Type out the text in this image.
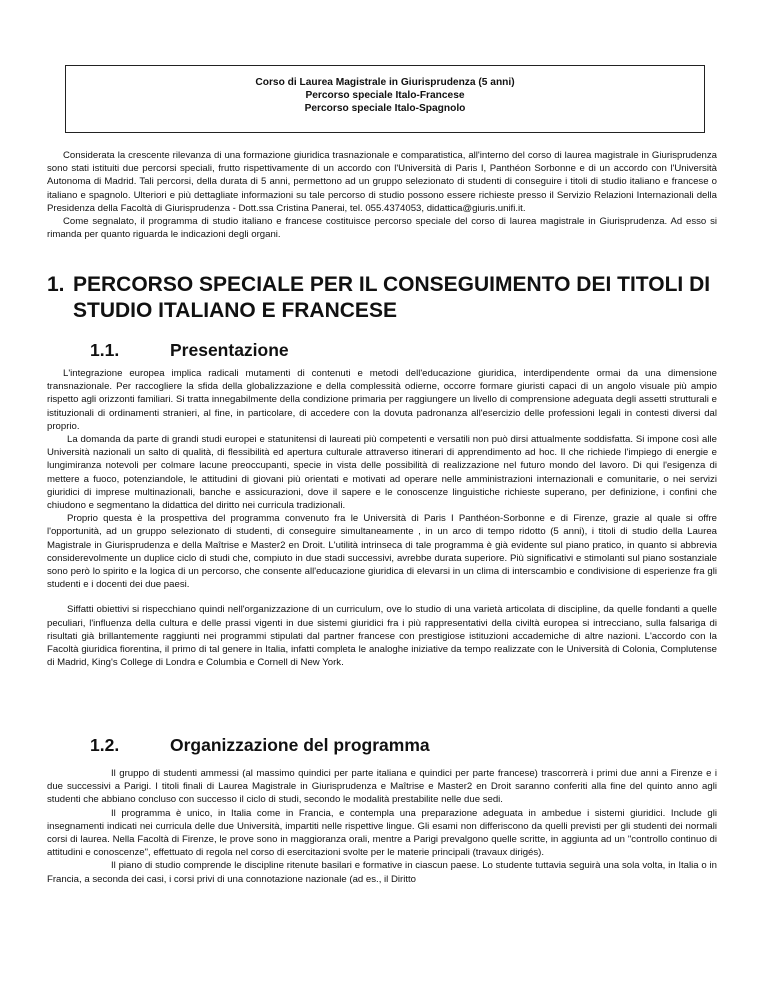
Corso di Laurea Magistrale in Giurisprudenza (5 anni)
Percorso speciale Italo-Francese
Percorso speciale Italo-Spagnolo

Considerata la crescente rilevanza di una formazione giuridica trasnazionale e comparatistica, all'interno del corso di laurea magistrale in Giurisprudenza sono stati istituiti due percorsi speciali, frutto rispettivamente di un accordo con l'Università di Paris I, Panthéon Sorbonne e di un accordo con l'Università Autonoma di Madrid. Tali percorsi, della durata di 5 anni, permettono ad un gruppo selezionato di studenti di conseguire i titoli di studio italiano e francese o italiano e spagnolo. Ulteriori e più dettagliate informazioni su tale percorso di studio possono essere richieste presso il Servizio Relazioni Internazionali della Presidenza della Facoltà di Giurisprudenza - Dott.ssa Cristina Panerai, tel. 055.4374053, didattica@giuris.unifi.it.

Come segnalato, il programma di studio italiano e francese costituisce percorso speciale del corso di laurea magistrale in Giurisprudenza. Ad esso si rimanda per quanto riguarda le indicazioni degli organi.

1. PERCORSO SPECIALE PER IL CONSEGUIMENTO DEI TITOLI DI
STUDIO ITALIANO E FRANCESE
1.1.	Presentazione

L'integrazione europea implica radicali mutamenti di contenuti e metodi dell'educazione giuridica, interdipendente ormai da una dimensione transnazionale. Per raccogliere la sfida della globalizzazione e della complessità odierne, occorre formare giuristi capaci di un angolo visuale più ampio rispetto agli orizzonti familiari. Si tratta innegabilmente della condizione primaria per raggiungere un livello di comprensione adeguata degli assetti strutturali e istituzionali di ordinamenti stranieri, al fine, in particolare, di accedere con la dovuta padronanza all'esercizio delle professioni legali in contesti diversi dal proprio.

La domanda da parte di grandi studi europei e statunitensi di laureati più competenti e versatili non può dirsi attualmente soddisfatta. Si impone così alle Università nazionali un salto di qualità, di flessibilità ed apertura culturale attraverso itinerari di apprendimento ad hoc. Il che richiede l'impiego di energie e lungimiranza notevoli per colmare lacune preoccupanti, specie in vista delle possibilità di realizzazione nel futuro mondo del lavoro. Di qui l'esigenza di mettere a fuoco, potenziandole, le attitudini di giovani più orientati e motivati ad operare nelle amministrazioni internazionali e comunitarie, o nei servizi giuridici di imprese multinazionali, banche e assicurazioni, dove il sapere e le conoscenze linguistiche richieste superano, per definizione, i confini che chiudono e segmentano la didattica del diritto nei curricula tradizionali.

Proprio questa è la prospettiva del programma convenuto fra le Università di Paris I Panthéon-Sorbonne e di Firenze, grazie al quale si offre l'opportunità, ad un gruppo selezionato di studenti, di conseguire simultaneamente , in un arco di tempo ridotto (5 anni), i titoli di studio della Laurea Magistrale in Giurisprudenza e della Maîtrise e Master2 en Droit. L'utilità intrinseca di tale programma è già evidente sul piano pratico, in quanto si abbrevia considerevolmente un duplice ciclo di studi che, compiuto in due stadi successivi, avrebbe durata superiore. Più significativi e stimolanti sul piano sostanziale sono però lo spirito e la logica di un percorso, che consente all'educazione giuridica di elevarsi in un clima di interscambio e condivisione di esperienze fra gli studenti e i docenti dei due paesi.

Siffatti obiettivi si rispecchiano quindi nell'organizzazione di un curriculum, ove lo studio di una varietà articolata di discipline, da quelle fondanti a quelle peculiari, l'influenza della cultura e delle prassi vigenti in due sistemi giuridici fra i più rappresentativi della civiltà europea si intrecciano, sulla falsariga di risultati già brillantemente raggiunti nei programmi stipulati dal partner francese con prestigiose istituzioni accademiche di altre nazioni. L'accordo con la Facoltà giuridica fiorentina, il primo di tal genere in Italia, infatti completa le analoghe iniziative da tempo realizzate con le Università di Colonia, Complutense di Madrid, King's College di Londra e Columbia e Cornell di New York.

1.2.	Organizzazione del programma

Il gruppo di studenti ammessi (al massimo quindici per parte italiana e quindici per parte francese) trascorrerà i primi due anni a Firenze e i due successivi a Parigi. I titoli finali di Laurea Magistrale in Giurisprudenza e Maîtrise e Master2 en Droit saranno conferiti alla fine del quinto anno agli studenti che abbiano concluso con successo il ciclo di studi, secondo le modalità prestabilite nelle due sedi.

Il programma è unico, in Italia come in Francia, e contempla una preparazione adeguata in ambedue i sistemi giuridici. Include gli insegnamenti indicati nei curricula delle due Università, impartiti nelle rispettive lingue. Gli esami non differiscono da quelli previsti per gli studenti dei normali corsi di laurea. Nella Facoltà di Firenze, le prove sono in maggioranza orali, mentre a Parigi prevalgono quelle scritte, in aggiunta ad un "controllo continuo di attitudini e conoscenze", effettuato di regola nel corso di esercitazioni svolte per le materie principali (travaux dirigés).

Il piano di studio comprende le discipline ritenute basilari e formative in ciascun paese. Lo studente tuttavia seguirà una sola volta, in Italia o in Francia, a seconda dei casi, i corsi privi di una connotazione nazionale (ad es., il Diritto
